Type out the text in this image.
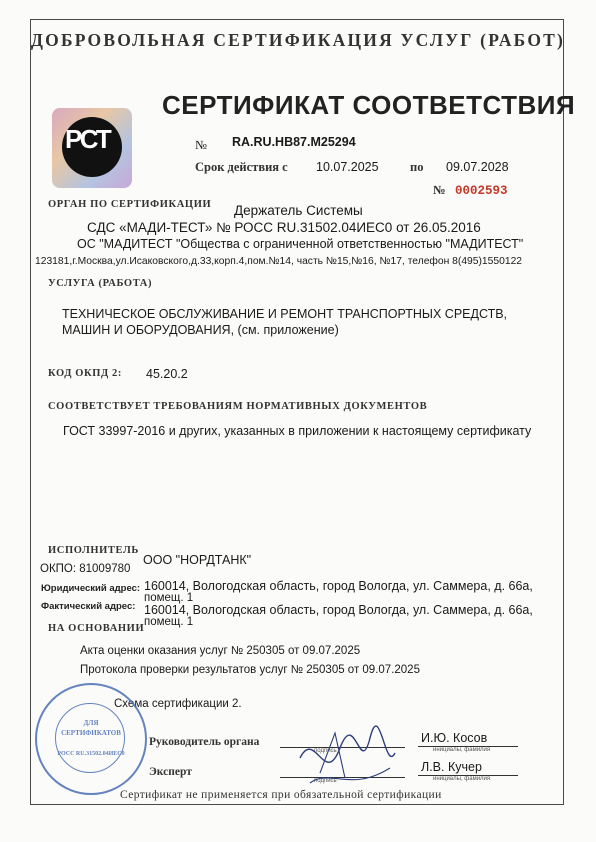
ДОБРОВОЛЬНАЯ СЕРТИФИКАЦИЯ УСЛУГ (РАБОТ)
РСТ
СЕРТИФИКАТ СООТВЕТСТВИЯ
№ RA.RU.HB87.M25294
Срок действия с 10.07.2025	по 09.07.2028
№ 0002593
ОРГАН ПО СЕРТИФИКАЦИИ Держатель Системы
СДС «МАДИ-ТЕСТ» № РОСС RU.31502.04ИЕС0 от 26.05.2016
ОС "МАДИТЕСТ "Общества с ограниченной ответственностью "МАДИТЕСТ"
123181,г.Москва,ул.Исаковского,д.33,корп.4,пом.№14, часть №15,№16, №17, телефон 8(495)1550122
УСЛУГА (РАБОТА)
ТЕХНИЧЕСКОЕ ОБСЛУЖИВАНИЕ И РЕМОНТ ТРАНСПОРТНЫХ СРЕДСТВ,
МАШИН И ОБОРУДОВАНИЯ, (см. приложение)
КОД ОКПД 2: 45.20.2
СООТВЕТСТВУЕТ ТРЕБОВАНИЯМ НОРМАТИВНЫХ ДОКУМЕНТОВ
ГОСТ 33997-2016 и других, указанных в приложении к настоящему сертификату
ИСПОЛНИТЕЛЬ
ООО "НОРДТАНК"
ОКПО: 81009780
Юридический адрес: 160014, Вологодская область, город Вологда, ул. Саммера, д. 66а,
помещ. 1
Фактический адрес: 160014, Вологодская область, город Вологда, ул. Саммера, д. 66а,
помещ. 1
НА ОСНОВАНИИ
Акта оценки оказания услуг № 250305 от 09.07.2025
Протокола проверки результатов услуг № 250305 от 09.07.2025
Схема сертификации 2.
ДЛЯ
СЕРТИФИКАТОВ
РОСС RU.31502.04ИЕС0
Руководитель органа
подпись
И.Ю. Косов
инициалы, фамилия
Эксперт
подпись
Л.В. Кучер
инициалы, фамилия
Сертификат не применяется при обязательной сертификации
